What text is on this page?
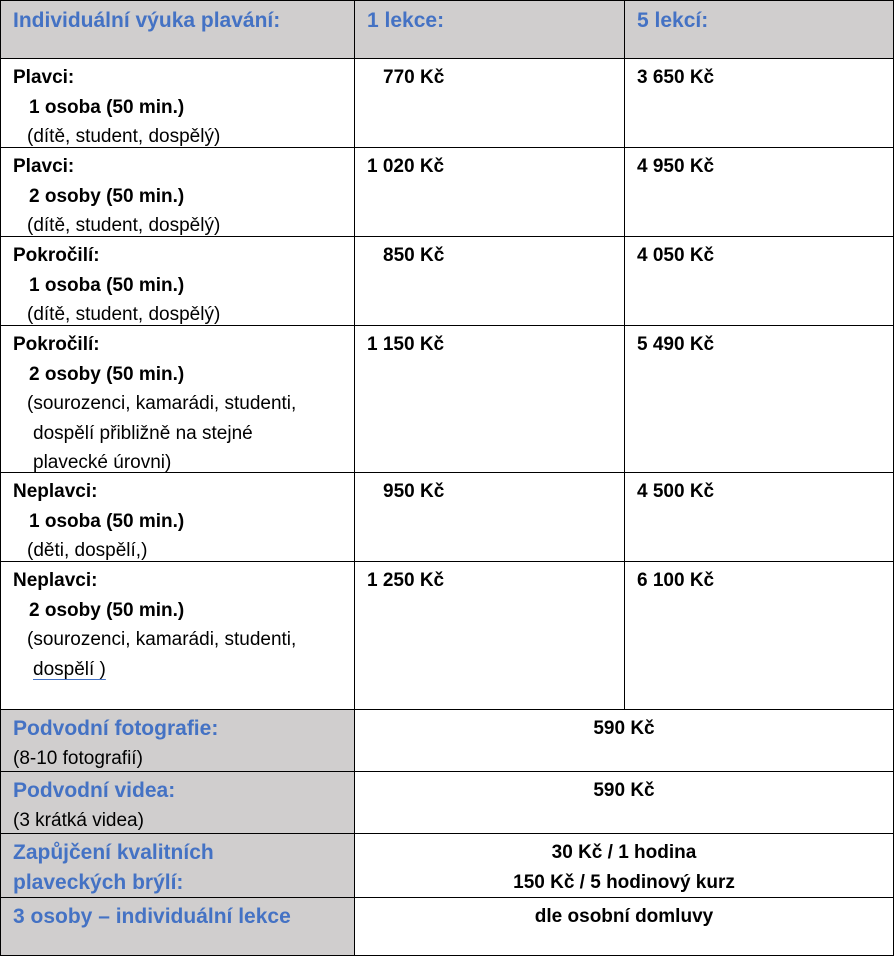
Individuální výuka plavání:	1 lekce:	5 lekcí:
Plavci:
1 osoba (50 min.)
(dítě, student, dospělý)
770 Kč	3 650 Kč
Plavci:
2 osoby (50 min.)
(dítě, student, dospělý)
1 020 Kč	4 950 Kč
Pokročilí:
1 osoba (50 min.)
(dítě, student, dospělý)
850 Kč	4 050 Kč
Pokročilí:
2 osoby (50 min.)
(sourozenci, kamarádi, studenti,
dospělí přibližně na stejné
plavecké úrovni)
1 150 Kč	5 490 Kč
Neplavci:
1 osoba (50 min.)
(děti, dospělí,)
950 Kč	4 500 Kč
Neplavci:
2 osoby (50 min.)
(sourozenci, kamarádi, studenti,
dospělí )
1 250 Kč	6 100 Kč
Podvodní fotografie:
(8-10 fotografií)
590 Kč
Podvodní videa:
(3 krátká videa)
590 Kč
Zapůjčení kvalitních
plaveckých brýlí:
30 Kč / 1 hodina
150 Kč / 5 hodinový kurz
3 osoby – individuální lekce	dle osobní domluvy
